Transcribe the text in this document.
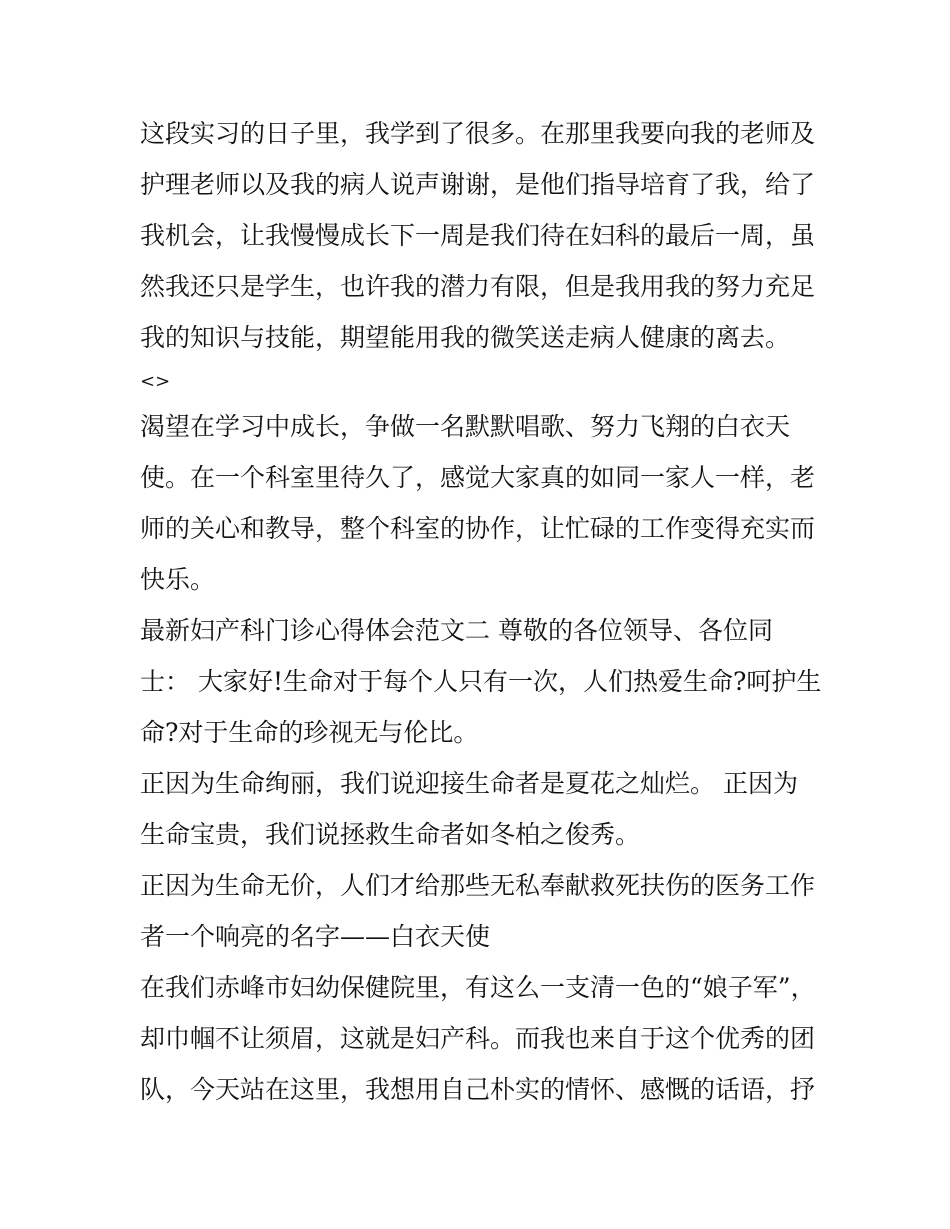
这段实习的日子里，我学到了很多。在那里我要向我的老师及
护理老师以及我的病人说声谢谢，是他们指导培育了我，给了
我机会，让我慢慢成长下一周是我们待在妇科的最后一周，虽
然我还只是学生，也许我的潜力有限，但是我用我的努力充足
我的知识与技能，期望能用我的微笑送走病人健康的离去。
<>
渴望在学习中成长，争做一名默默唱歌、努力飞翔的白衣天
使。在一个科室里待久了，感觉大家真的如同一家人一样，老
师的关心和教导，整个科室的协作，让忙碌的工作变得充实而
快乐。
最新妇产科门诊心得体会范文二 尊敬的各位领导、各位同
士： 大家好!生命对于每个人只有一次，人们热爱生命?呵护生
命?对于生命的珍视无与伦比。
正因为生命绚丽，我们说迎接生命者是夏花之灿烂。 正因为
生命宝贵，我们说拯救生命者如冬柏之俊秀。
正因为生命无价，人们才给那些无私奉献救死扶伤的医务工作
者一个响亮的名字——白衣天使
在我们赤峰市妇幼保健院里，有这么一支清一色的“娘子军”，
却巾帼不让须眉，这就是妇产科。而我也来自于这个优秀的团
队，今天站在这里，我想用自己朴实的情怀、感慨的话语，抒
